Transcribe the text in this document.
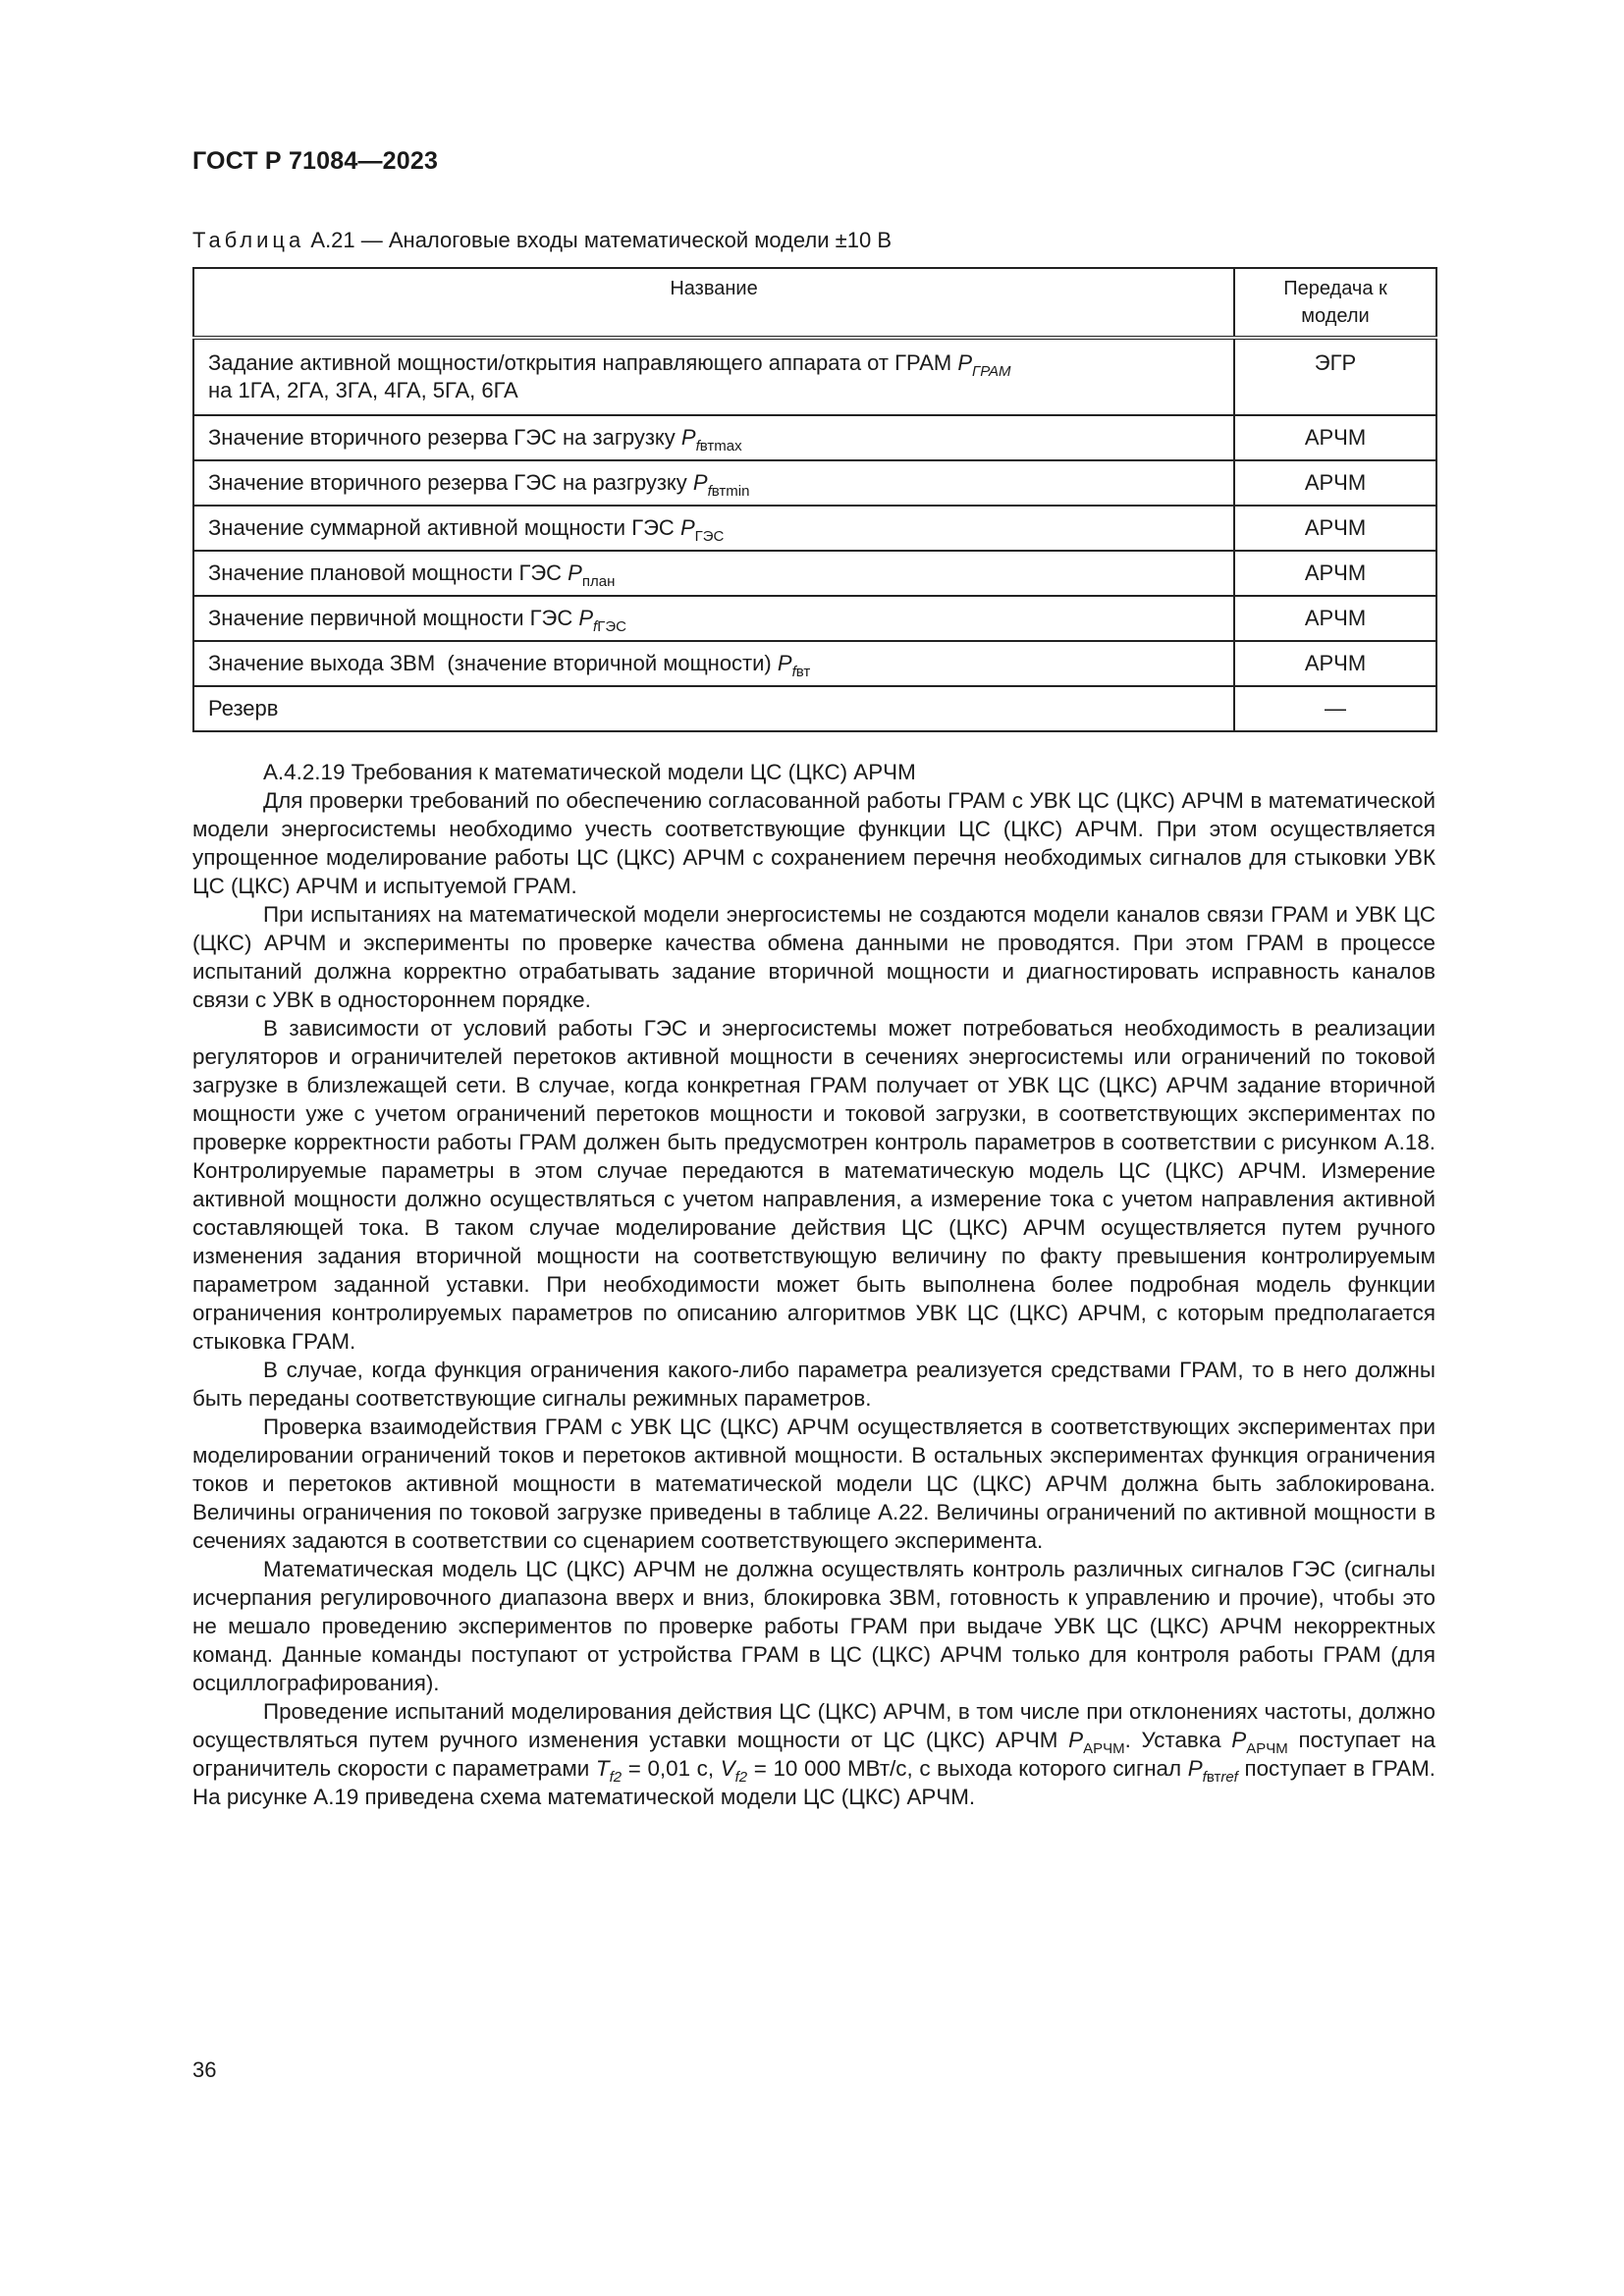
ГОСТ Р 71084—2023
Таблица А.21 — Аналоговые входы математической модели ±10 В
Название	Передача к модели

Задание активной мощности/открытия направляющего аппарата от ГРАМ $P_{ГРАМ}$
на 1ГА, 2ГА, 3ГА, 4ГА, 5ГА, 6ГА	ЭГР
Значение вторичного резерва ГЭС на загрузку $P_{fвтmax}$	АРЧМ
Значение вторичного резерва ГЭС на разгрузку $P_{fвтmin}$	АРЧМ
Значение суммарной активной мощности ГЭС $P_{ГЭС}$	АРЧМ
Значение плановой мощности ГЭС $P_{план}$	АРЧМ
Значение первичной мощности ГЭС $P_{fГЭС}$	АРЧМ
Значение выхода ЗВМ  (значение вторичной мощности) $P_{fвт}$	АРЧМ
Резерв	—

А.4.2.19 Требования к математической модели ЦС (ЦКС) АРЧМ

Для проверки требований по обеспечению согласованной работы ГРАМ с УВК ЦС (ЦКС) АРЧМ в математической модели энергосистемы необходимо учесть соответствующие функции ЦС (ЦКС) АРЧМ. При этом осуществляется упрощенное моделирование работы ЦС (ЦКС) АРЧМ с сохранением перечня необходимых сигналов для стыковки УВК ЦС (ЦКС) АРЧМ и испытуемой ГРАМ.

При испытаниях на математической модели энергосистемы не создаются модели каналов связи ГРАМ и УВК ЦС (ЦКС) АРЧМ и эксперименты по проверке качества обмена данными не проводятся. При этом ГРАМ в процессе испытаний должна корректно отрабатывать задание вторичной мощности и диагностировать исправность каналов связи с УВК в одностороннем порядке.

В зависимости от условий работы ГЭС и энергосистемы может потребоваться необходимость в реализации регуляторов и ограничителей перетоков активной мощности в сечениях энергосистемы или ограничений по токовой загрузке в близлежащей сети. В случае, когда конкретная ГРАМ получает от УВК ЦС (ЦКС) АРЧМ задание вторичной мощности уже с учетом ограничений перетоков мощности и токовой загрузки, в соответствующих экспериментах по проверке корректности работы ГРАМ должен быть предусмотрен контроль параметров в соответствии с рисунком А.18. Контролируемые параметры в этом случае передаются в математическую модель ЦС (ЦКС) АРЧМ. Измерение активной мощности должно осуществляться с учетом направления, а измерение тока с учетом направления активной составляющей тока. В таком случае моделирование действия ЦС (ЦКС) АРЧМ осуществляется путем ручного изменения задания вторичной мощности на соответствующую величину по факту превышения контролируемым параметром заданной уставки. При необходимости может быть выполнена более подробная модель функции ограничения контролируемых параметров по описанию алгоритмов УВК ЦС (ЦКС) АРЧМ, с которым предполагается стыковка ГРАМ.

В случае, когда функция ограничения какого-либо параметра реализуется средствами ГРАМ, то в него должны быть переданы соответствующие сигналы режимных параметров.

Проверка взаимодействия ГРАМ с УВК ЦС (ЦКС) АРЧМ осуществляется в соответствующих экспериментах при моделировании ограничений токов и перетоков активной мощности. В остальных экспериментах функция ограничения токов и перетоков активной мощности в математической модели ЦС (ЦКС) АРЧМ должна быть заблокирована. Величины ограничения по токовой загрузке приведены в таблице А.22. Величины ограничений по активной мощности в сечениях задаются в соответствии со сценарием соответствующего эксперимента.

Математическая модель ЦС (ЦКС) АРЧМ не должна осуществлять контроль различных сигналов ГЭС (сигналы исчерпания регулировочного диапазона вверх и вниз, блокировка ЗВМ, готовность к управлению и прочие), чтобы это не мешало проведению экспериментов по проверке работы ГРАМ при выдаче УВК ЦС (ЦКС) АРЧМ некорректных команд. Данные команды поступают от устройства ГРАМ в ЦС (ЦКС) АРЧМ только для контроля работы ГРАМ (для осциллографирования).

Проведение испытаний моделирования действия ЦС (ЦКС) АРЧМ, в том числе при отклонениях частоты, должно осуществляться путем ручного изменения уставки мощности от ЦС (ЦКС) АРЧМ $P_{АРЧМ}$. Уставка $P_{АРЧМ}$ поступает на ограничитель скорости с параметрами $T_{f2} = 0,01$ с, $V_{f2} = 10$ 000 МВт/с, с выхода которого сигнал $P_{fвтref}$ поступает в ГРАМ. На рисунке А.19 приведена схема математической модели ЦС (ЦКС) АРЧМ.

36
